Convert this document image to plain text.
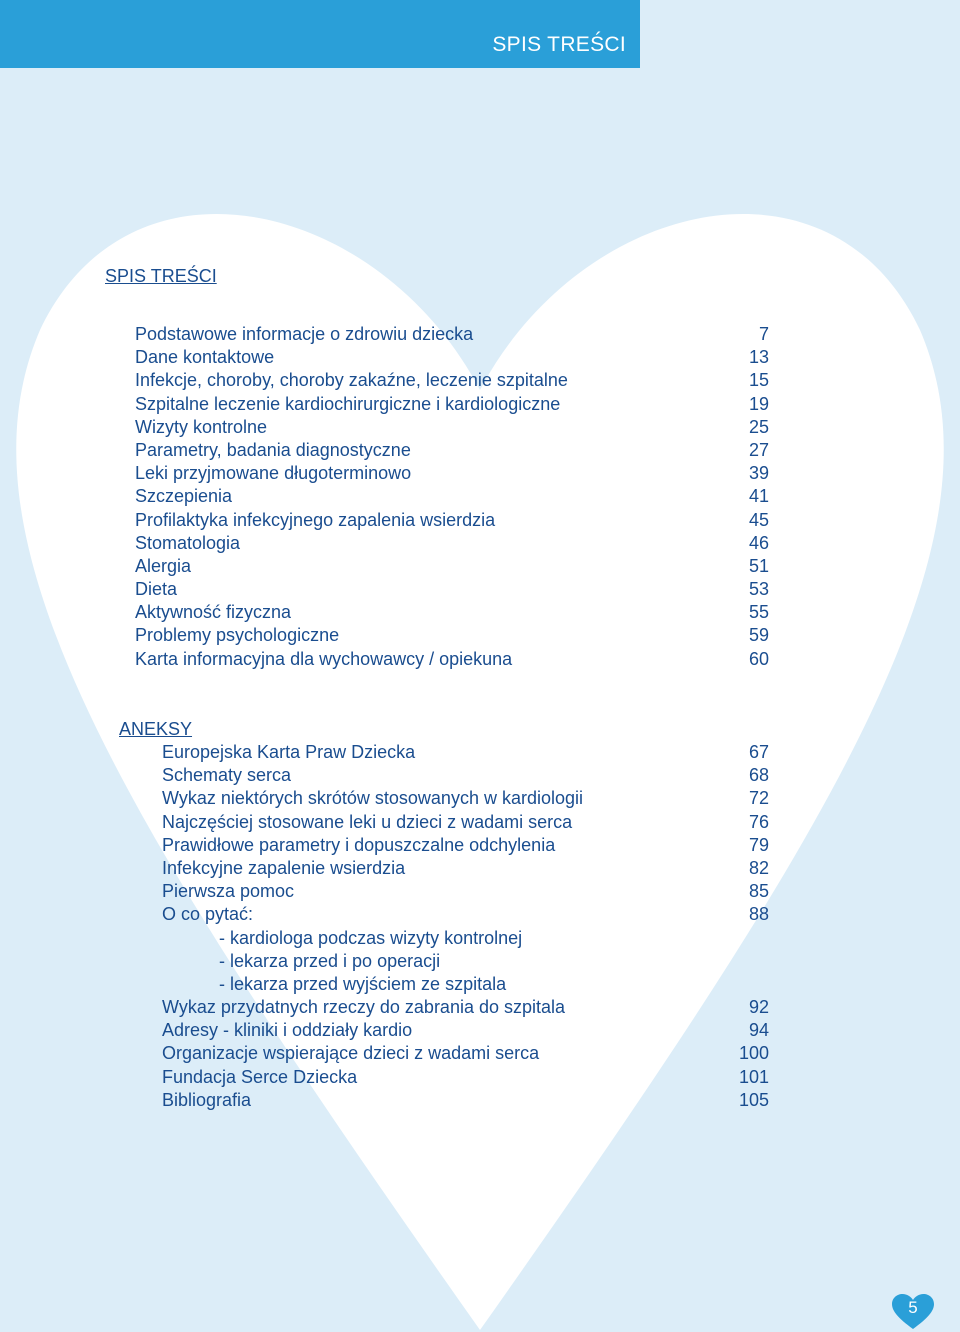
SPIS TREŚCI
SPIS TREŚCI
Podstawowe informacje o zdrowiu dziecka	7
Dane kontaktowe	13
Infekcje, choroby, choroby zakaźne, leczenie szpitalne	15
Szpitalne leczenie kardiochirurgiczne i kardiologiczne	19
Wizyty kontrolne	25
Parametry, badania diagnostyczne	27
Leki przyjmowane długoterminowo	39
Szczepienia	41
Profilaktyka infekcyjnego zapalenia wsierdzia	45
Stomatologia	46
Alergia	51
Dieta	53
Aktywność fizyczna	55
Problemy psychologiczne	59
Karta informacyjna dla wychowawcy / opiekuna	60
ANEKSY
Europejska Karta Praw Dziecka	67
Schematy serca	68
Wykaz niektórych skrótów stosowanych w kardiologii	72
Najczęściej stosowane leki u dzieci z wadami serca	76
Prawidłowe parametry i dopuszczalne odchylenia	79
Infekcyjne zapalenie wsierdzia	82
Pierwsza pomoc	85
O co pytać:	88
- kardiologa podczas wizyty kontrolnej
- lekarza przed i po operacji
- lekarza przed wyjściem ze szpitala
Wykaz przydatnych rzeczy do zabrania do szpitala	92
Adresy - kliniki i oddziały kardio	94
Organizacje wspierające dzieci z wadami serca	100
Fundacja Serce Dziecka	101
Bibliografia	105
5
